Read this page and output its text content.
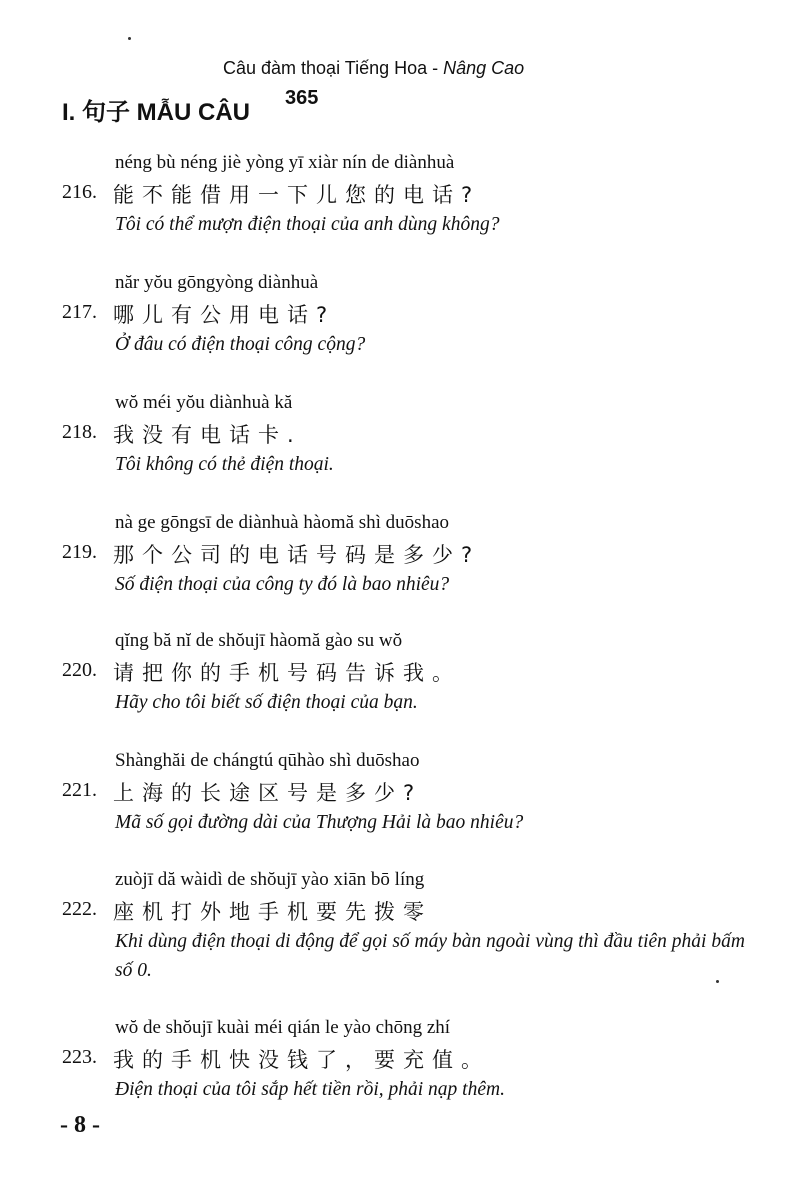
365
Câu đàm thoại Tiếng Hoa - Nâng Cao
I. 句子 MẪU CÂU
néng bù néng jiè yòng yī xiàr nín de diànhuà
216. 能不能借用一下儿您的电话?
Tôi có thể mượn điện thoại của anh dùng không?
năr yŏu gōngyòng diànhuà
217. 哪儿有公用电话?
Ở đâu có điện thoại công cộng?
wŏ méi yŏu diànhuà kă
218. 我没有电话卡.
Tôi không có thẻ điện thoại.
nà ge gōngsī de diànhuà hàomă shì duōshao
219. 那个公司的电话号码是多少?
Số điện thoại của công ty đó là bao nhiêu?
qĭng bă nĭ de shŏujī hàomă gào su wŏ
220. 请把你的手机号码告诉我。
Hãy cho tôi biết số điện thoại của bạn.
Shànghăi de chángtú qūhào shì duōshao
221. 上海的长途区号是多少?
Mã số gọi đường dài của Thượng Hải là bao nhiêu?
zuòjī dă wàidì de shŏujī yào xiān bō líng
222. 座机打外地手机要先拨零
Khi dùng điện thoại di động để gọi số máy bàn ngoài vùng thì đầu tiên phải bấm số 0.
wŏ de shŏujī kuài méi qián le yào chōng zhí
223. 我的手机快没钱了，要充值。
Điện thoại của tôi sắp hết tiền rồi, phải nạp thêm.
- 8 -
